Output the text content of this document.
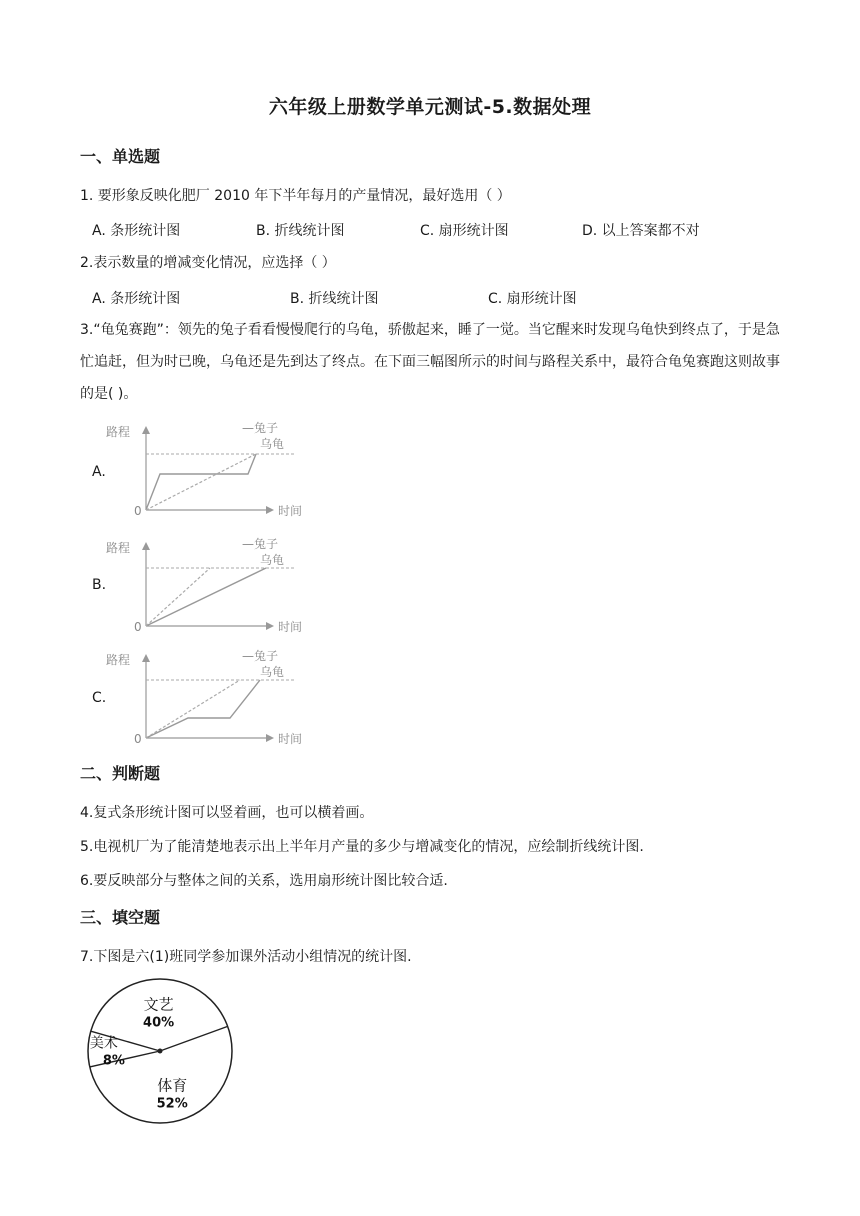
六年级上册数学单元测试-5.数据处理
一、单选题
1. 要形象反映化肥厂 2010 年下半年每月的产量情况，最好选用（ ）
A. 条形统计图	B. 折线统计图	C. 扇形统计图	D. 以上答案都不对
2.表示数量的增减变化情况，应选择（ ）
A. 条形统计图	B. 折线统计图	C. 扇形统计图
3.“龟兔赛跑”：领先的兔子看看慢慢爬行的乌龟，骄傲起来，睡了一觉。当它醒来时发现乌龟快到终点了，于是急忙追赶，但为时已晚，乌龟还是先到达了终点。在下面三幅图所示的时间与路程关系中，最符合龟兔赛跑这则故事的是( )。
A.
路程	—兔子
乌龟
0	时间
B.
路程	—兔子
乌龟
0	时间
C.
路程	—兔子
乌龟
0	时间
二、判断题
4.复式条形统计图可以竖着画，也可以横着画。
5.电视机厂为了能清楚地表示出上半年月产量的多少与增减变化的情况，应绘制折线统计图.
6.要反映部分与整体之间的关系，选用扇形统计图比较合适.
三、填空题
7.下图是六(1)班同学参加课外活动小组情况的统计图.
文艺
40%
体育
52%
美术
8%
